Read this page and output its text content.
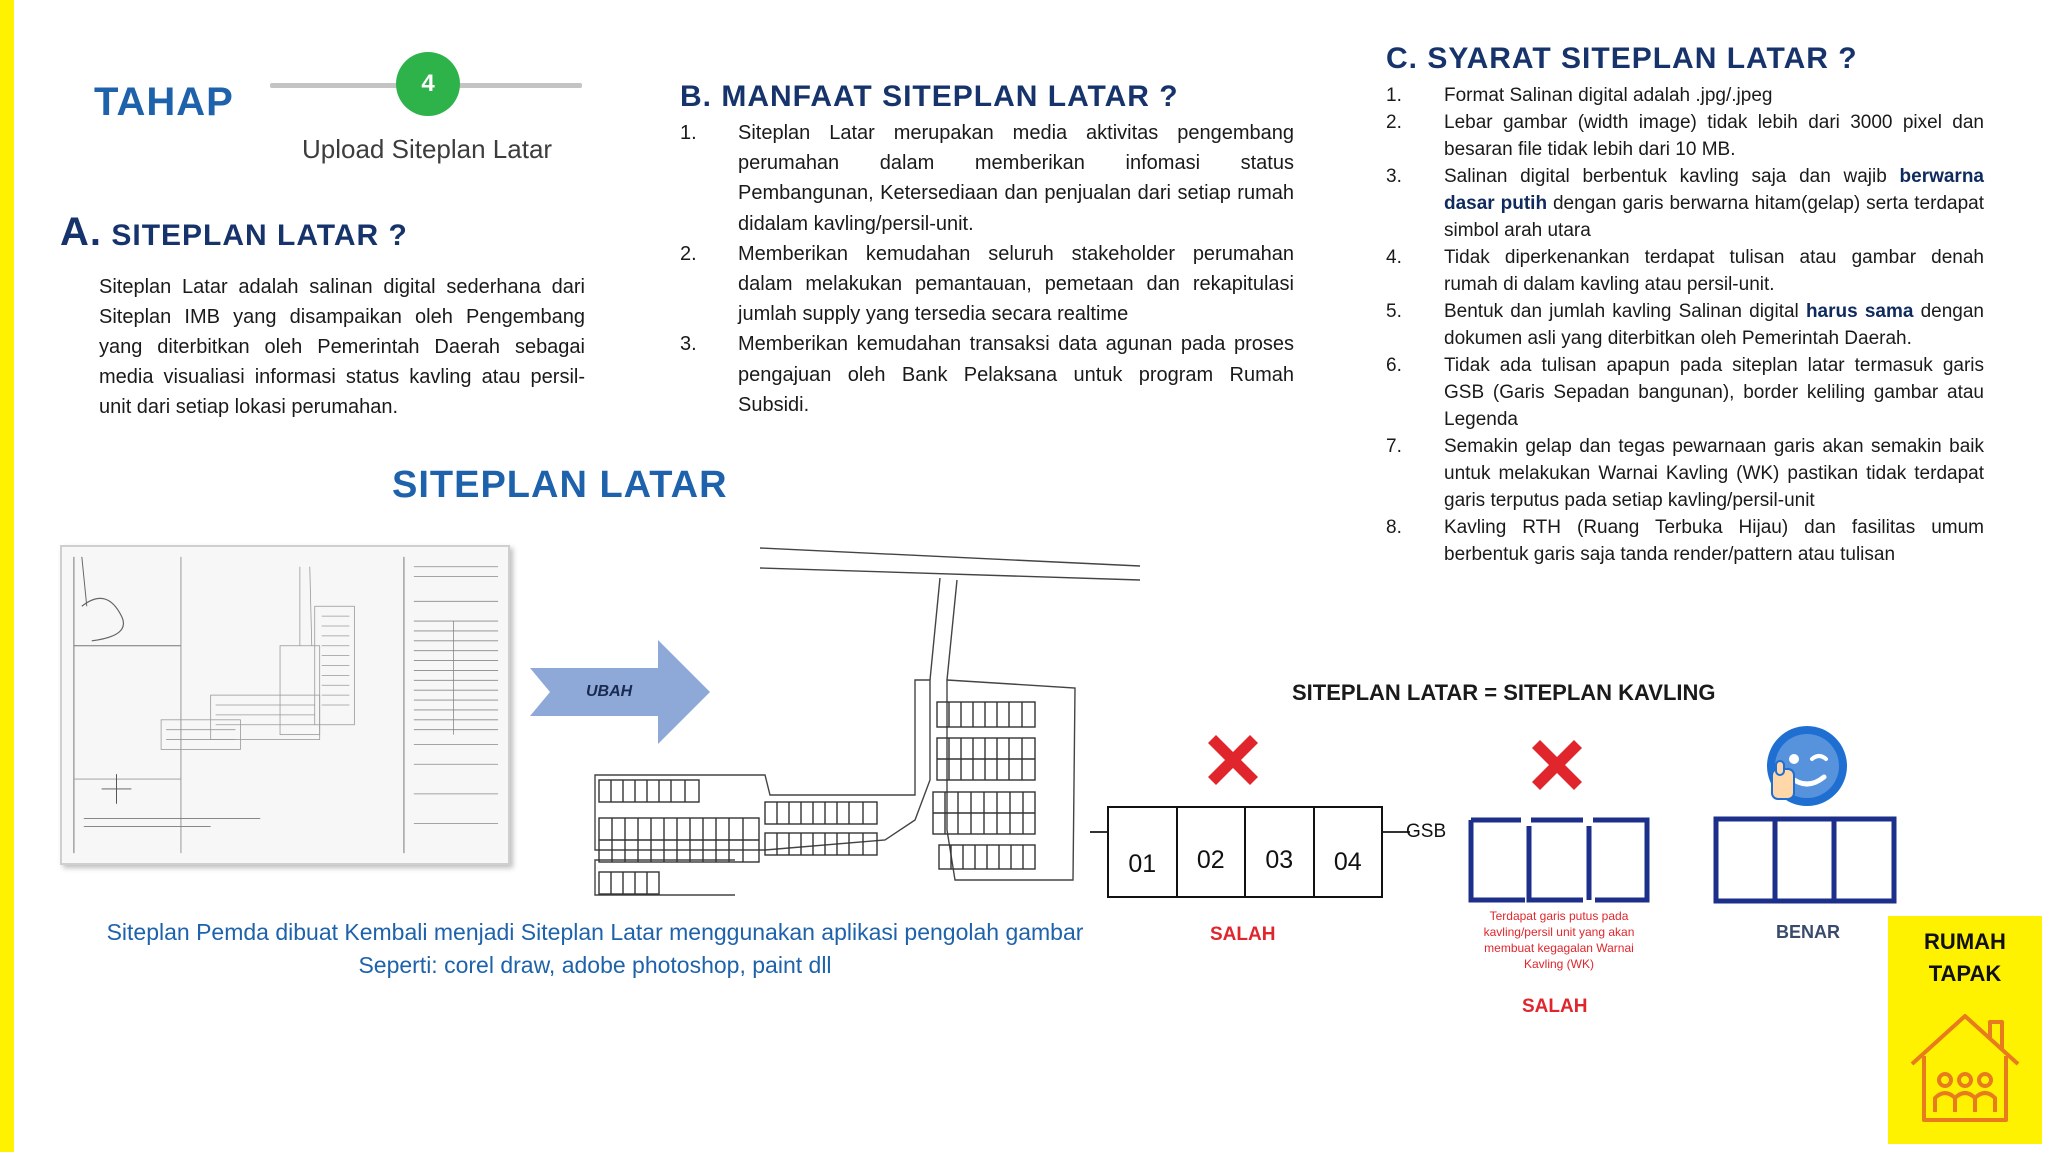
TAHAP	4
Upload Siteplan Latar
A. SITEPLAN LATAR ?

Siteplan Latar adalah salinan digital sederhana dari Siteplan IMB yang disampaikan oleh Pengembang yang diterbitkan oleh Pemerintah Daerah sebagai media visualiasi informasi status kavling atau persil-unit dari setiap lokasi perumahan.

B. MANFAAT SITEPLAN LATAR ?
1. Siteplan Latar merupakan media aktivitas pengembang perumahan dalam memberikan infomasi status Pembangunan, Ketersediaan dan penjualan dari setiap rumah didalam kavling/persil-unit.
2. Memberikan kemudahan seluruh stakeholder perumahan dalam melakukan pemantauan, pemetaan dan rekapitulasi jumlah supply yang tersedia secara realtime
3. Memberikan kemudahan transaksi data agunan pada proses pengajuan oleh Bank Pelaksana untuk program Rumah Subsidi.
C. SYARAT SITEPLAN LATAR ?
1. Format Salinan digital adalah .jpg/.jpeg
2. Lebar gambar (width image) tidak lebih dari 3000 pixel dan besaran file tidak lebih dari 10 MB.
3. Salinan digital berbentuk kavling saja dan wajib berwarna dasar putih dengan garis berwarna hitam(gelap) serta terdapat simbol arah utara
4. Tidak diperkenankan terdapat tulisan atau gambar denah rumah di dalam kavling atau persil-unit.
5. Bentuk dan jumlah kavling Salinan digital harus sama dengan dokumen asli yang diterbitkan oleh Pemerintah Daerah.
6. Tidak ada tulisan apapun pada siteplan latar termasuk garis GSB (Garis Sepadan bangunan), border keliling gambar atau Legenda
7. Semakin gelap dan tegas pewarnaan garis akan semakin baik untuk melakukan Warnai Kavling (WK) pastikan tidak terdapat garis terputus pada setiap kavling/persil-unit
8. Kavling RTH (Ruang Terbuka Hijau) dan fasilitas umum berbentuk garis saja tanda render/pattern atau tulisan
SITEPLAN LATAR
UBAH
Siteplan Pemda dibuat Kembali menjadi Siteplan Latar menggunakan aplikasi pengolah gambar
Seperti: corel draw, adobe photoshop, paint dll
SITEPLAN LATAR = SITEPLAN KAVLING
GSB
01	02	03	04
SALAH
Terdapat garis putus pada kavling/persil unit yang akan membuat kegagalan Warnai Kavling (WK)
SALAH
BENAR	RUMAH
TAPAK
